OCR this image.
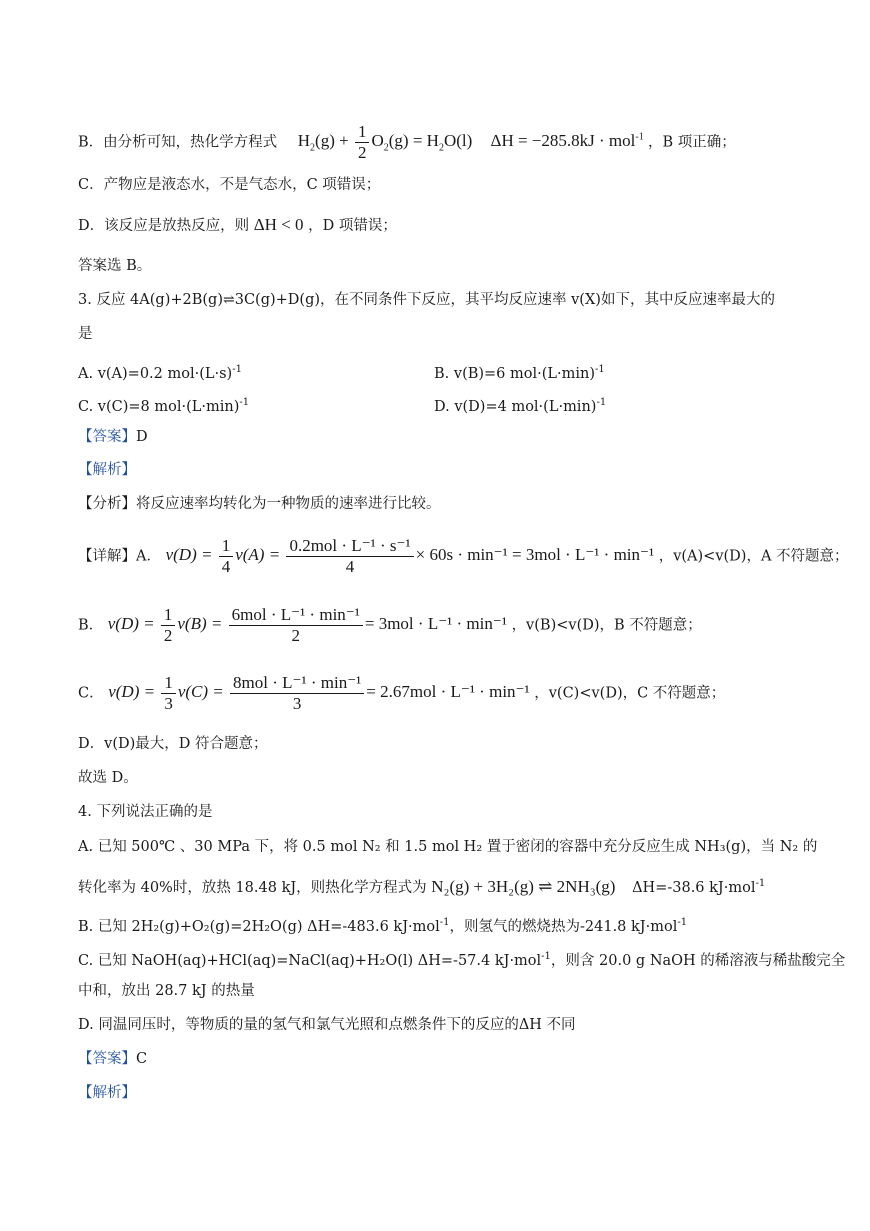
B．由分析可知，热化学方程式 $H_2(g) + \frac{1}{2} O_2(g) = H_2O(l) \Delta H = -285.8kJ \cdot mol^{-1}$ ，B 项正确；
C．产物应是液态水，不是气态水，C 项错误；
D．该反应是放热反应，则 ΔH < 0 ，D 项错误；
答案选 B。
3. 反应 4A(g)+2B(g)⇌3C(g)+D(g)，在不同条件下反应，其平均反应速率 v(X)如下，其中反应速率最大的
是
A. v(A)=0.2 $mol\cdot(L\cdot s)^{-1}$	B. v(B)=6 $mol\cdot(L\cdot\min)^{-1}$
C. v(C)=8 $mol\cdot(L\cdot\min)^{-1}$	D. v(D)=4 $mol\cdot(L\cdot\min)^{-1}$
【答案】D
【解析】
【分析】将反应速率均转化为一种物质的速率进行比较。
【详解】A． $v(D) = \frac{1}{4} v(A) = \frac{\text{0.2mol · L⁻¹ · s⁻¹}}{4} \times 60s \cdot \min^{-1} = 3mol \cdot L^{-1} \cdot \min^{-1}$ ，v(A)<v(D)，A 不符题意；
B． $v(D) = \frac{1}{2} v(B) = \frac{\text{6mol · L⁻¹ · min⁻¹}}{2} = 3mol \cdot L^{-1} \cdot \min^{-1}$ ，v(B)<v(D)，B 不符题意；
C． $v(D) = \frac{1}{3} v(C) = \frac{\text{8mol · L⁻¹ · min⁻¹}}{3} = 2.67mol \cdot L^{-1} \cdot \min^{-1}$ ，v(C)<v(D)，C 不符题意；
D．v(D)最大，D 符合题意；
故选 D。
4. 下列说法正确的是
A. 已知 500℃ 、30 MPa 下，将 0.5 mol N₂ 和 1.5 mol H₂ 置于密闭的容器中充分反应生成 NH₃(g)，当 N₂ 的
转化率为 40%时，放热 18.48 kJ，则热化学方程式为 N₂(g) + 3H₂(g) ⇌ 2NH₃(g) ΔH=-38.6 kJ·mol$^{-1}$
B. 已知 2H₂(g)+O₂(g)=2H₂O(g) ΔH=-483.6 kJ·mol$^{-1}$，则氢气的燃烧热为-241.8 kJ·mol$^{-1}$
C. 已知 NaOH(aq)+HCl(aq)=NaCl(aq)+H₂O(l) ΔH=-57.4 kJ·mol$^{-1}$，则含 20.0 g NaOH 的稀溶液与稀盐酸完全
中和，放出 28.7 kJ 的热量
D. 同温同压时，等物质的量的氢气和氯气光照和点燃条件下的反应的ΔH 不同
【答案】C
【解析】
